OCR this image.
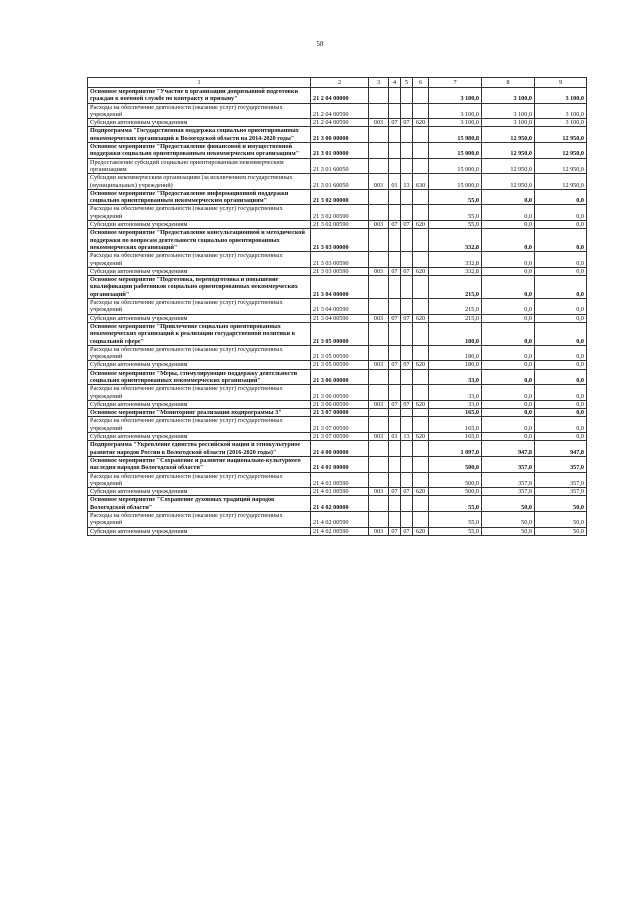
58
1	2	3	4	5	6	7	8	9
Основное мероприятие "Участие в организации допризывной подготовки граждан к военной службе по контракту и призыву"	21 2 04 00000					3 100,0	3 100,0	3 100,0
Расходы на обеспечение деятельности (оказание услуг) государственных учреждений	21 2 04 00590					3 100,0	3 100,0	3 100,0
Субсидии автономным учреждениям	21 2 04 00590	003	07	07	620	3 100,0	3 100,0	3 100,0
Подпрограмма "Государственная поддержка социально ориентированных некоммерческих организаций в Вологодской области на 2014-2020 годы"	21 3 00 00000					15 980,8	12 950,0	12 950,0
Основное мероприятие "Предоставление финансовой и имущественной поддержки социально ориентированным некоммерческим организациям"	21 3 01 00000					15 000,0	12 950,0	12 950,0
Предоставление субсидий социально ориентированным некоммерческим организациям	21 3 01 60050					15 000,0	12 950,0	12 950,0
Субсидии некоммерческим организациям (за исключением государственных (муниципальных) учреждений)	21 3 01 60050	003	01	13	630	15 000,0	12 950,0	12 950,0
Основное мероприятие "Предоставление информационной поддержки социально ориентированным некоммерческим организациям"	21 3 02 00000					55,0	0,0	0,0
Расходы на обеспечение деятельности (оказание услуг) государственных учреждений	21 3 02 00590					55,0	0,0	0,0
Субсидии автономным учреждениям	21 3 02 00590	003	07	07	620	55,0	0,0	0,0
Основное мероприятие "Предоставление консультационной и методической поддержки по вопросам деятельности социально ориентированных некоммерческих организаций"	21 3 03 00000					332,8	0,0	0,0
Расходы на обеспечение деятельности (оказание услуг) государственных учреждений	21 3 03 00590					332,8	0,0	0,0
Субсидии автономным учреждениям	21 3 03 00590	003	07	07	620	332,8	0,0	0,0
Основное мероприятие "Подготовка, переподготовка и повышение квалификации работников социально ориентированных некоммерческих организаций"	21 3 04 00000					215,0	0,0	0,0
Расходы на обеспечение деятельности (оказание услуг) государственных учреждений	21 3 04 00590					215,0	0,0	0,0
Субсидии автономным учреждениям	21 3 04 00590	003	07	07	620	215,0	0,0	0,0
Основное мероприятие "Привлечение социально ориентированных некоммерческих организаций к реализации государственной политики в социальной сфере"	21 3 05 00000					180,0	0,0	0,0
Расходы на обеспечение деятельности (оказание услуг) государственных учреждений	21 3 05 00590					180,0	0,0	0,0
Субсидии автономным учреждениям	21 3 05 00590	003	07	07	620	180,0	0,0	0,0
Основное мероприятие "Меры, стимулирующие поддержку деятельности социально ориентированных некоммерческих организаций"	21 3 06 00000					33,0	0,0	0,0
Расходы на обеспечение деятельности (оказание услуг) государственных учреждений	21 3 06 00590					33,0	0,0	0,0
Субсидии автономным учреждениям	21 3 06 00590	003	07	07	620	33,0	0,0	0,0
Основное мероприятие "Мониторинг реализации подпрограммы 3"	21 3 07 00000					165,0	0,0	0,0
Расходы на обеспечение деятельности (оказание услуг) государственных учреждений	21 3 07 00590					165,0	0,0	0,0
Субсидии автономным учреждениям	21 3 07 00590	003	01	13	620	165,0	0,0	0,0
Подпрограмма "Укрепление единства российской нации и этнокультурное развитие народов России в Вологодской области (2016-2020 годы)"	21 4 00 00000					1 097,0	947,8	947,8
Основное мероприятие "Сохранение и развитие национально-культурного наследия народов Вологодской области"	21 4 01 00000					500,0	357,0	357,0
Расходы на обеспечение деятельности (оказание услуг) государственных учреждений	21 4 01 00590					500,0	357,0	357,0
Субсидии автономным учреждениям	21 4 01 00590	003	07	07	620	500,0	357,0	357,0
Основное мероприятие "Сохранение духовных традиций народов Вологодской области"	21 4 02 00000					55,0	50,0	50,0
Расходы на обеспечение деятельности (оказание услуг) государственных учреждений	21 4 02 00590					55,0	50,0	50,0
Субсидии автономным учреждениям	21 4 02 00590	003	07	07	620	55,0	50,0	50,0
